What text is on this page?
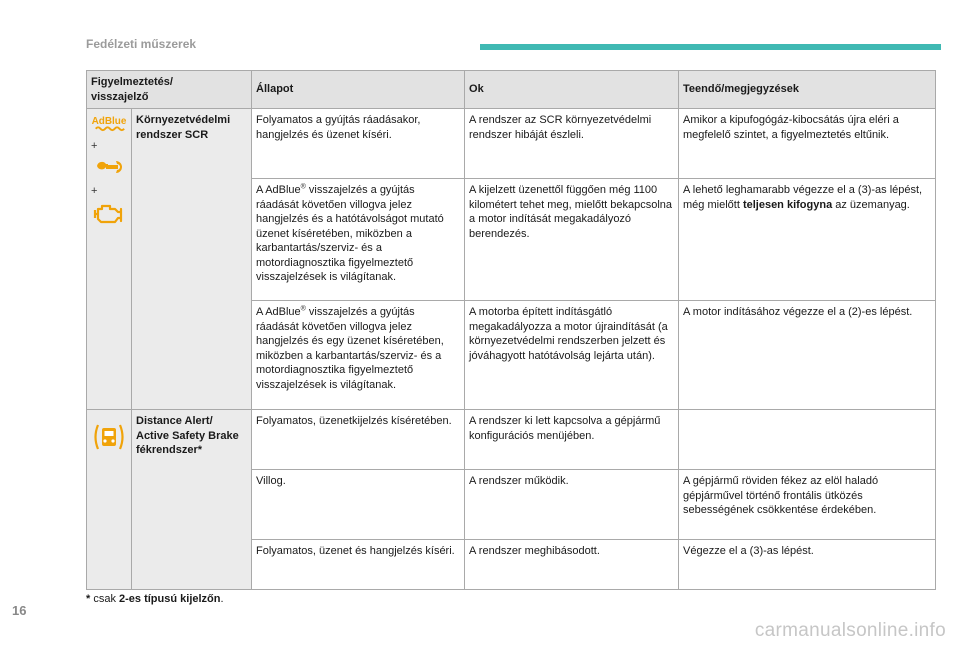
Fedélzeti műszerek
Figyelmeztetés/
visszajelző		Állapot	Ok	Teendő/megjegyzések

AdBlue
+
+	Környezetvédelmi rendszer SCR	Folyamatos a gyújtás ráadásakor, hangjelzés és üzenet kíséri.	A rendszer az SCR környezetvédelmi rendszer hibáját észleli.	Amikor a kipufogógáz-kibocsátás újra eléri a megfelelő szintet, a figyelmeztetés eltűnik.
		A AdBlue® visszajelzés a gyújtás ráadását követően villogva jelez hangjelzés és a hatótávolságot mutató üzenet kíséretében, miközben a karbantartás/szerviz- és a motordiagnosztika figyelmeztető visszajelzések is világítanak.	A kijelzett üzenettől függően még 1100 kilométert tehet meg, mielőtt bekapcsolna a motor indítását megakadályozó berendezés.	A lehető leghamarabb végezze el a (3)-as lépést, még mielőtt teljesen kifogyna az üzemanyag.
		A AdBlue® visszajelzés a gyújtás ráadását követően villogva jelez hangjelzés és egy üzenet kíséretében, miközben a karbantartás/szerviz- és a motordiagnosztika figyelmeztető visszajelzések is világítanak.	A motorba épített indításgátló megakadályozza a motor újraindítását (a környezetvédelmi rendszerben jelzett és jóváhagyott hatótávolság lejárta után).	A motor indításához végezze el a (2)-es lépést.

	Distance Alert/ Active Safety Brake fékrendszer*	Folyamatos, üzenetkijelzés kíséretében.	A rendszer ki lett kapcsolva a gépjármű konfigurációs menüjében.	
		Villog.	A rendszer működik.	A gépjármű röviden fékez az elöl haladó gépjárművel történő frontális ütközés sebességének csökkentése érdekében.
		Folyamatos, üzenet és hangjelzés kíséri.	A rendszer meghibásodott.	Végezze el a (3)-as lépést.
* csak 2-es típusú kijelzőn.
16
carmanualsonline.info
